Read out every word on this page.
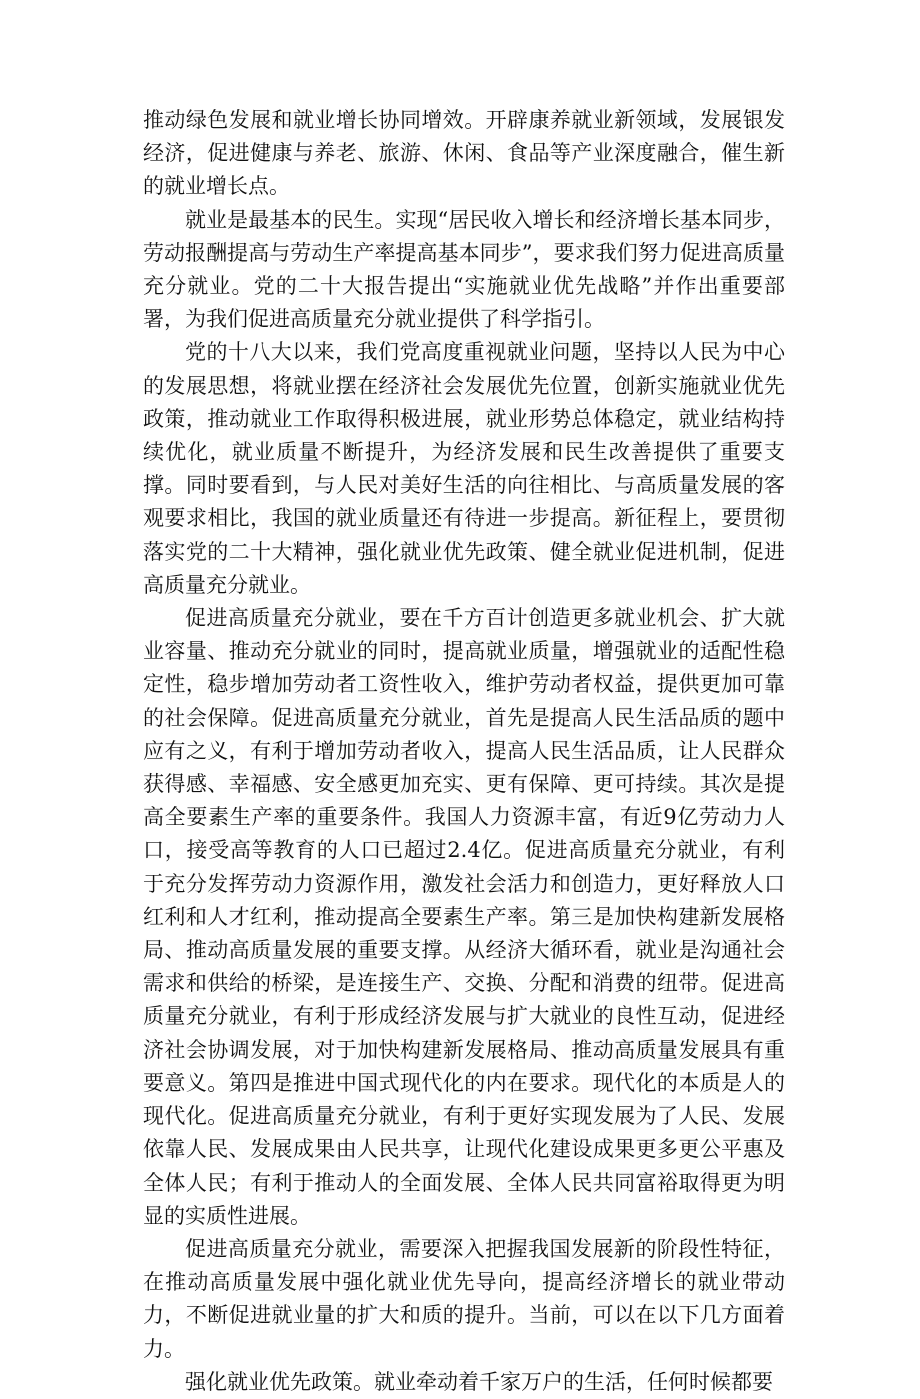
推动绿色发展和就业增长协同增效。开辟康养就业新领域，发展银发经济，促进健康与养老、旅游、休闲、食品等产业深度融合，催生新的就业增长点。

就业是最基本的民生。实现“居民收入增长和经济增长基本同步，劳动报酬提高与劳动生产率提高基本同步”，要求我们努力促进高质量充分就业。党的二十大报告提出“实施就业优先战略”并作出重要部署，为我们促进高质量充分就业提供了科学指引。

党的十八大以来，我们党高度重视就业问题，坚持以人民为中心的发展思想，将就业摆在经济社会发展优先位置，创新实施就业优先政策，推动就业工作取得积极进展，就业形势总体稳定，就业结构持续优化，就业质量不断提升，为经济发展和民生改善提供了重要支撑。同时要看到，与人民对美好生活的向往相比、与高质量发展的客观要求相比，我国的就业质量还有待进一步提高。新征程上，要贯彻落实党的二十大精神，强化就业优先政策、健全就业促进机制，促进高质量充分就业。

促进高质量充分就业，要在千方百计创造更多就业机会、扩大就业容量、推动充分就业的同时，提高就业质量，增强就业的适配性稳定性，稳步增加劳动者工资性收入，维护劳动者权益，提供更加可靠的社会保障。促进高质量充分就业，首先是提高人民生活品质的题中应有之义，有利于增加劳动者收入，提高人民生活品质，让人民群众获得感、幸福感、安全感更加充实、更有保障、更可持续。其次是提高全要素生产率的重要条件。我国人力资源丰富，有近9亿劳动力人口，接受高等教育的人口已超过2.4亿。促进高质量充分就业，有利于充分发挥劳动力资源作用，激发社会活力和创造力，更好释放人口红利和人才红利，推动提高全要素生产率。第三是加快构建新发展格局、推动高质量发展的重要支撑。从经济大循环看，就业是沟通社会需求和供给的桥梁，是连接生产、交换、分配和消费的纽带。促进高质量充分就业，有利于形成经济发展与扩大就业的良性互动，促进经济社会协调发展，对于加快构建新发展格局、推动高质量发展具有重要意义。第四是推进中国式现代化的内在要求。现代化的本质是人的现代化。促进高质量充分就业，有利于更好实现发展为了人民、发展依靠人民、发展成果由人民共享，让现代化建设成果更多更公平惠及全体人民；有利于推动人的全面发展、全体人民共同富裕取得更为明显的实质性进展。

促进高质量充分就业，需要深入把握我国发展新的阶段性特征，在推动高质量发展中强化就业优先导向，提高经济增长的就业带动力，不断促进就业量的扩大和质的提升。当前，可以在以下几方面着力。

强化就业优先政策。就业牵动着千家万户的生活，任何时候都要
